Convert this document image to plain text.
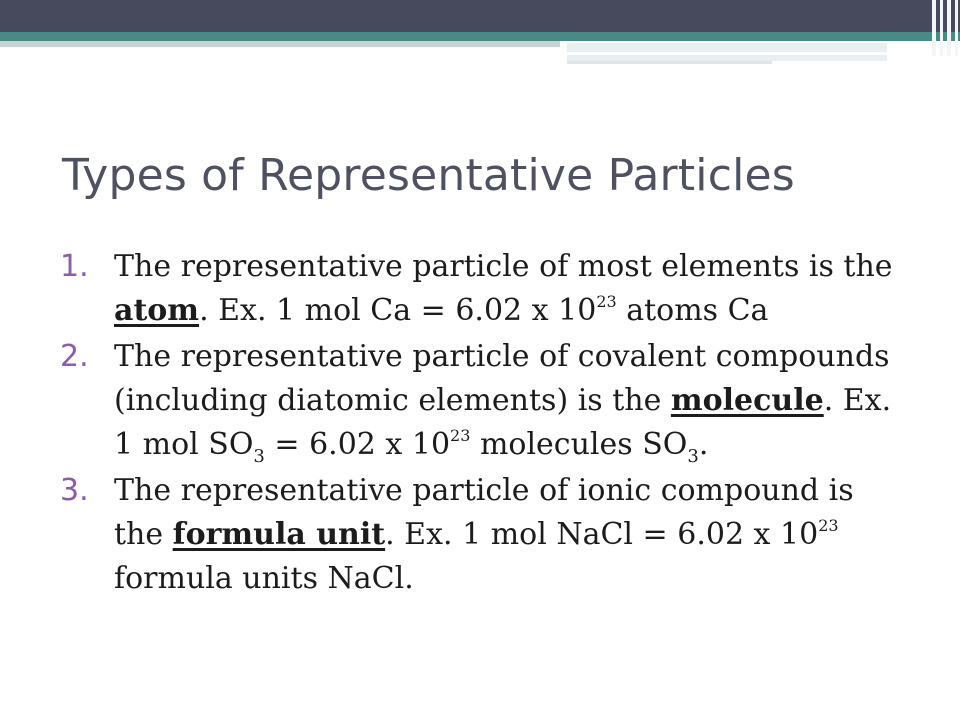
Types of Representative Particles
1. The representative particle of most elements is the atom. Ex. 1 mol Ca = 6.02 x $10^{23}$ atoms Ca
2. The representative particle of covalent compounds (including diatomic elements) is the molecule. Ex. 1 mol $SO_3 = 6.02$ x $10^{23}$ molecules $SO_3$.
3. The representative particle of ionic compound is the formula unit. Ex. 1 mol NaCl = 6.02 x $10^{23}$ formula units NaCl.
